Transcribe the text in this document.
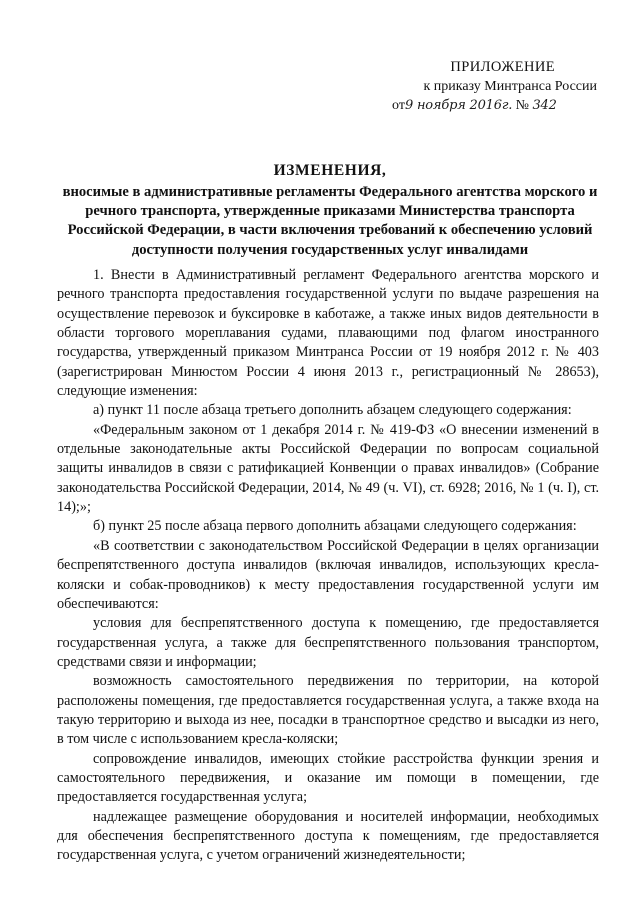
ПРИЛОЖЕНИЕ
к приказу Минтранса России
от9 ноября 2016г. № 342
ИЗМЕНЕНИЯ,
вносимые в административные регламенты Федерального агентства морского и речного транспорта, утвержденные приказами Министерства транспорта Российской Федерации, в части включения требований к обеспечению условий доступности получения государственных услуг инвалидами

1. Внести в Административный регламент Федерального агентства морского и речного транспорта предоставления государственной услуги по выдаче разрешения на осуществление перевозок и буксировке в каботаже, а также иных видов деятельности в области торгового мореплавания судами, плавающими под флагом иностранного государства, утвержденный приказом Минтранса России от 19 ноября 2012 г. № 403 (зарегистрирован Минюстом России 4 июня 2013 г., регистрационный № 28653), следующие изменения:

а) пункт 11 после абзаца третьего дополнить абзацем следующего содержания:

«Федеральным законом от 1 декабря 2014 г. № 419-ФЗ «О внесении изменений в отдельные законодательные акты Российской Федерации по вопросам социальной защиты инвалидов в связи с ратификацией Конвенции о правах инвалидов» (Собрание законодательства Российской Федерации, 2014, № 49 (ч. VI), ст. 6928; 2016, № 1 (ч. I), ст. 14);»;

б) пункт 25 после абзаца первого дополнить абзацами следующего содержания:

«В соответствии с законодательством Российской Федерации в целях организации беспрепятственного доступа инвалидов (включая инвалидов, использующих кресла-коляски и собак-проводников) к месту предоставления государственной услуги им обеспечиваются:

условия для беспрепятственного доступа к помещению, где предоставляется государственная услуга, а также для беспрепятственного пользования транспортом, средствами связи и информации;

возможность самостоятельного передвижения по территории, на которой расположены помещения, где предоставляется государственная услуга, а также входа на такую территорию и выхода из нее, посадки в транспортное средство и высадки из него, в том числе с использованием кресла-коляски;

сопровождение инвалидов, имеющих стойкие расстройства функции зрения и самостоятельного передвижения, и оказание им помощи в помещении, где предоставляется государственная услуга;

надлежащее размещение оборудования и носителей информации, необходимых для обеспечения беспрепятственного доступа к помещениям, где предоставляется государственная услуга, с учетом ограничений жизнедеятельности;
